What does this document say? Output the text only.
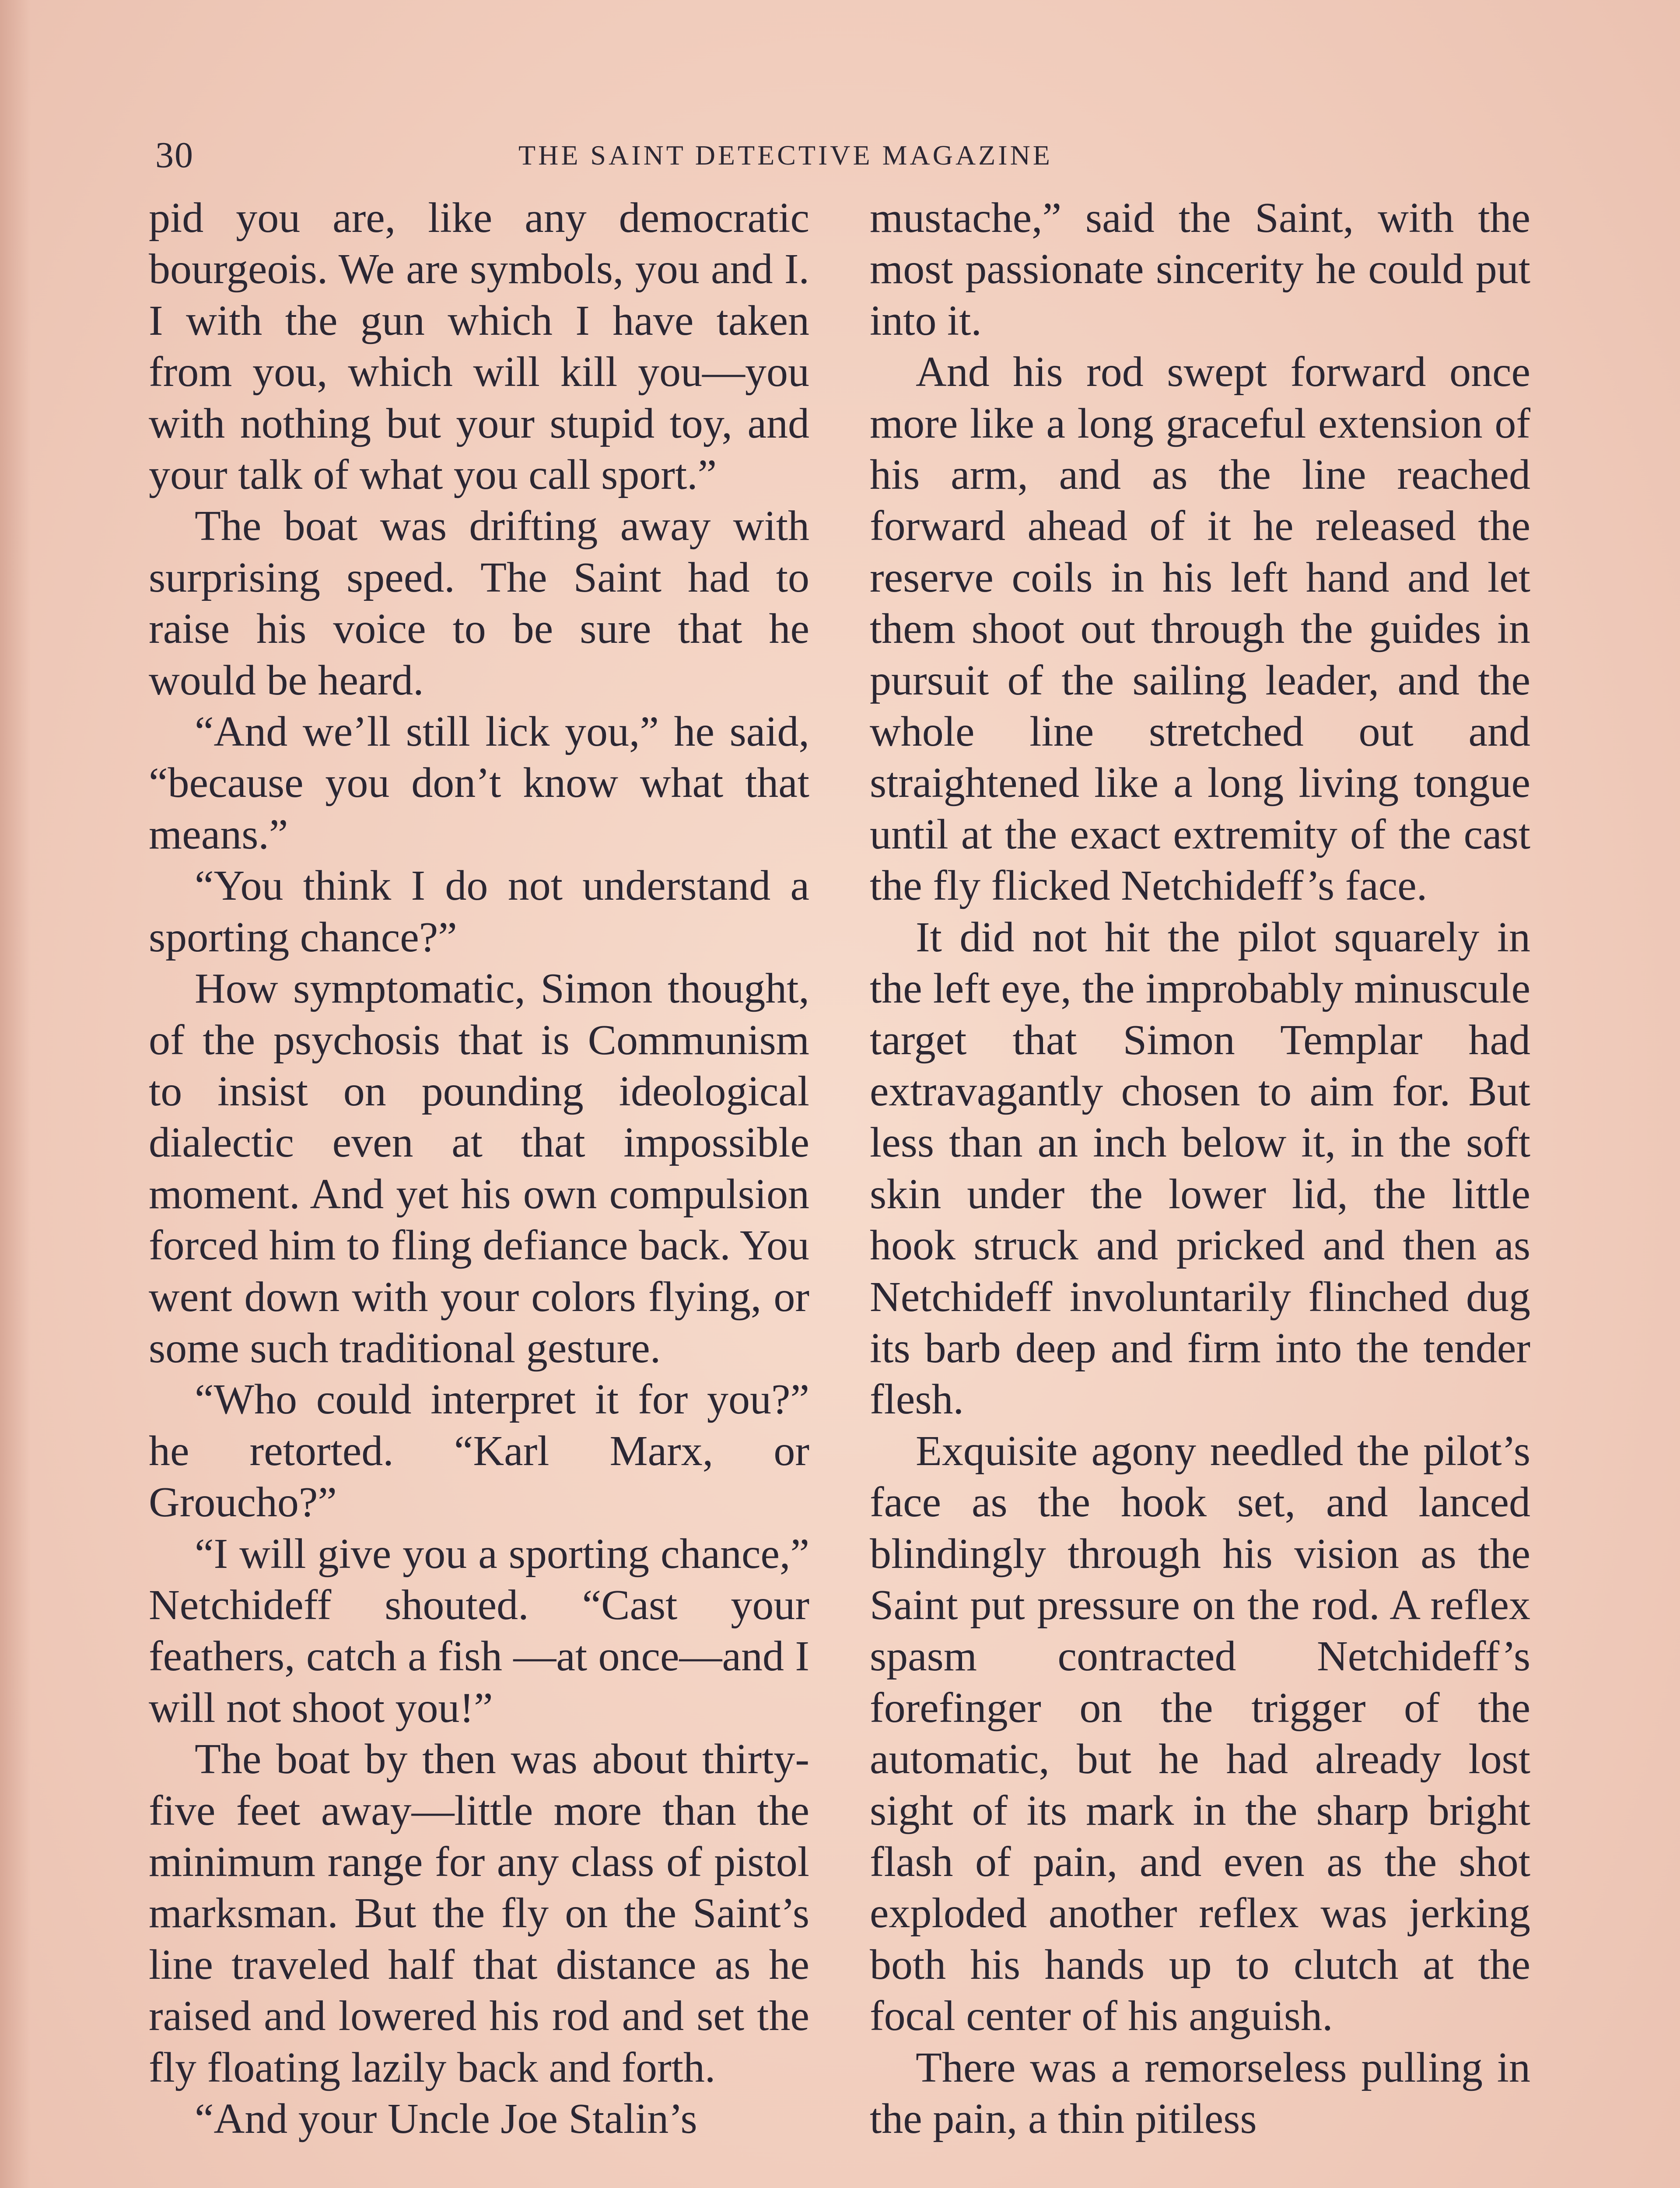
30	THE SAINT DETECTIVE MAGAZINE

pid you are, like any democratic bourgeois. We are symbols, you and I. I with the gun which I have taken from you, which will kill you—you with nothing but your stupid toy, and your talk of what you call sport.”

The boat was drifting away with surprising speed. The Saint had to raise his voice to be sure that he would be heard.

“And we’ll still lick you,” he said, “because you don’t know what that means.”

“You think I do not understand a sporting chance?”

How symptomatic, Simon thought, of the psychosis that is Communism to insist on pounding ideological dialectic even at that impossible moment. And yet his own compulsion forced him to fling defiance back. You went down with your colors flying, or some such traditional gesture.

“Who could interpret it for you?” he retorted. “Karl Marx, or Groucho?”

“I will give you a sporting chance,” Netchideff shouted. “Cast your feathers, catch a fish —at once—and I will not shoot you!”

The boat by then was about thirty-five feet away—little more than the minimum range for any class of pistol marksman. But the fly on the Saint’s line traveled half that distance as he raised and lowered his rod and set the fly floating lazily back and forth.

“And your Uncle Joe Stalin’s

mustache,” said the Saint, with the most passionate sincerity he could put into it.

And his rod swept forward once more like a long graceful extension of his arm, and as the line reached forward ahead of it he released the reserve coils in his left hand and let them shoot out through the guides in pursuit of the sailing leader, and the whole line stretched out and straightened like a long living tongue until at the exact extremity of the cast the fly flicked Netchideff’s face.

It did not hit the pilot squarely in the left eye, the improbably minuscule target that Simon Templar had extravagantly chosen to aim for. But less than an inch below it, in the soft skin under the lower lid, the little hook struck and pricked and then as Netchideff involuntarily flinched dug its barb deep and firm into the tender flesh.

Exquisite agony needled the pilot’s face as the hook set, and lanced blindingly through his vision as the Saint put pressure on the rod. A reflex spasm contracted Netchideff’s forefinger on the trigger of the automatic, but he had already lost sight of its mark in the sharp bright flash of pain, and even as the shot exploded another reflex was jerking both his hands up to clutch at the focal center of his anguish.

There was a remorseless pulling in the pain, a thin pitiless
